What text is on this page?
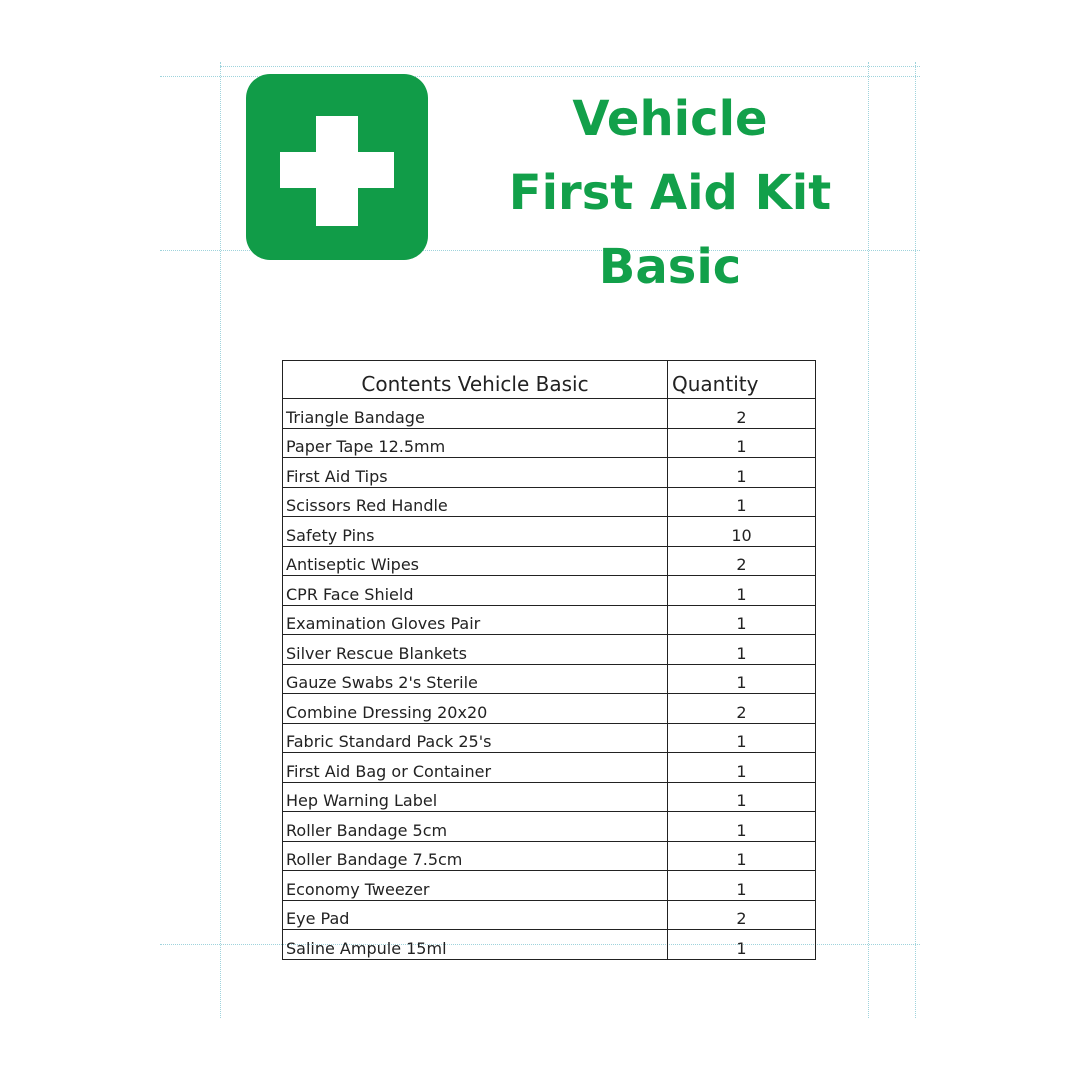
Vehicle
First Aid Kit
Basic
Contents Vehicle Basic	Quantity
Triangle Bandage	2
Paper Tape 12.5mm	1
First Aid Tips	1
Scissors Red Handle	1
Safety Pins	10
Antiseptic Wipes	2
CPR Face Shield	1
Examination Gloves Pair	1
Silver Rescue Blankets	1
Gauze Swabs 2's Sterile	1
Combine Dressing 20x20	2
Fabric Standard Pack 25's	1
First Aid Bag or Container	1
Hep Warning Label	1
Roller Bandage 5cm	1
Roller Bandage 7.5cm	1
Economy Tweezer	1
Eye Pad	2
Saline Ampule 15ml	1
